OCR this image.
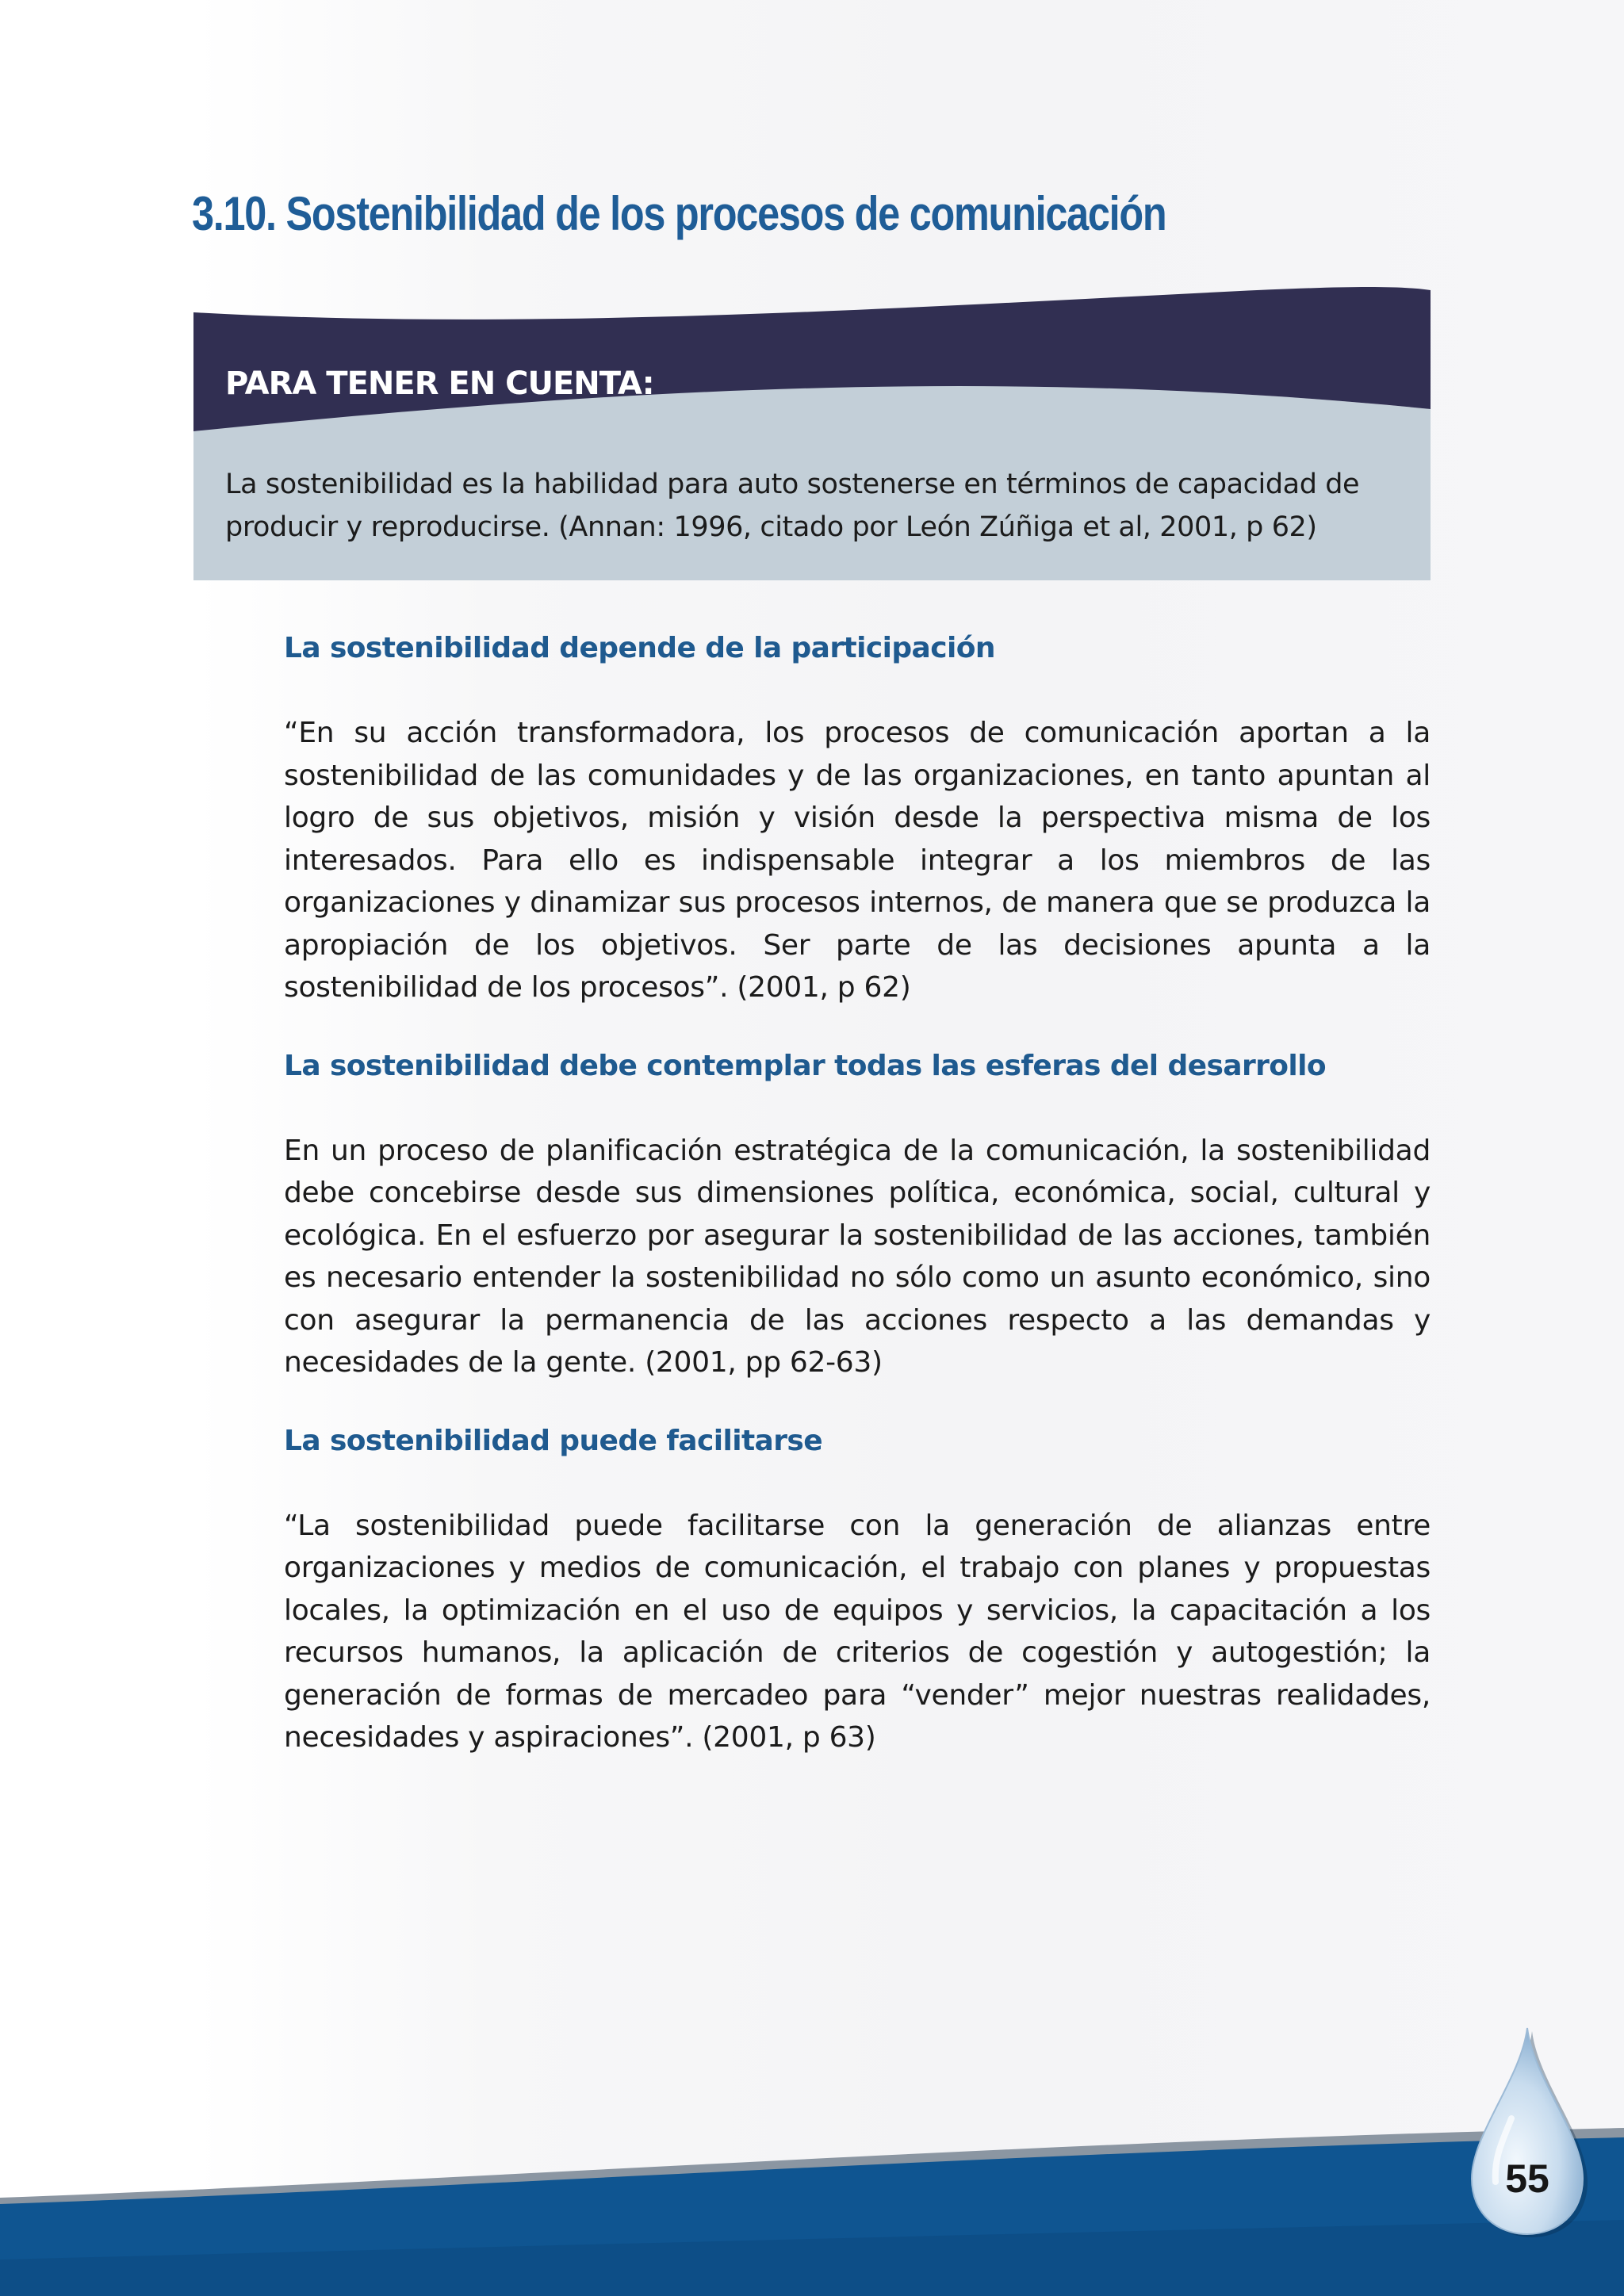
3.10. Sostenibilidad de los procesos de comunicación
PARA TENER EN CUENTA:

La sostenibilidad es la habilidad para auto sostenerse en términos de capacidad de producir y reproducirse. (Annan: 1996, citado por León Zúñiga et al, 2001, p 62)

La sostenibilidad depende de la participación

“En su acción transformadora, los procesos de comunicación aportan a la sostenibilidad de las comunidades y de las organizaciones, en tanto apuntan al logro de sus objetivos, misión y visión desde la perspectiva misma de los interesados. Para ello es indispensable integrar a los miembros de las organizaciones y dinamizar sus procesos internos, de manera que se produzca la apropiación de los objetivos. Ser parte de las decisiones apunta a la sostenibilidad de los procesos”. (2001, p 62)

La sostenibilidad debe contemplar todas las esferas del desarrollo

En un proceso de planificación estratégica de la comunicación, la sostenibilidad debe concebirse desde sus dimensiones política, económica, social, cultural y ecológica. En el esfuerzo por asegurar la sostenibilidad de las acciones, también es necesario entender la sostenibilidad no sólo como un asunto económico, sino con asegurar la permanencia de las acciones respecto a las demandas y necesidades de la gente. (2001, pp 62-63)

La sostenibilidad puede facilitarse

“La sostenibilidad puede facilitarse con la generación de alianzas entre organizaciones y medios de comunicación, el trabajo con planes y propuestas locales, la optimización en el uso de equipos y servicios, la capacitación a los recursos humanos, la aplicación de criterios de cogestión y autogestión; la generación de formas de mercadeo para “vender” mejor nuestras realidades, necesidades y aspiraciones”. (2001, p 63)

55
